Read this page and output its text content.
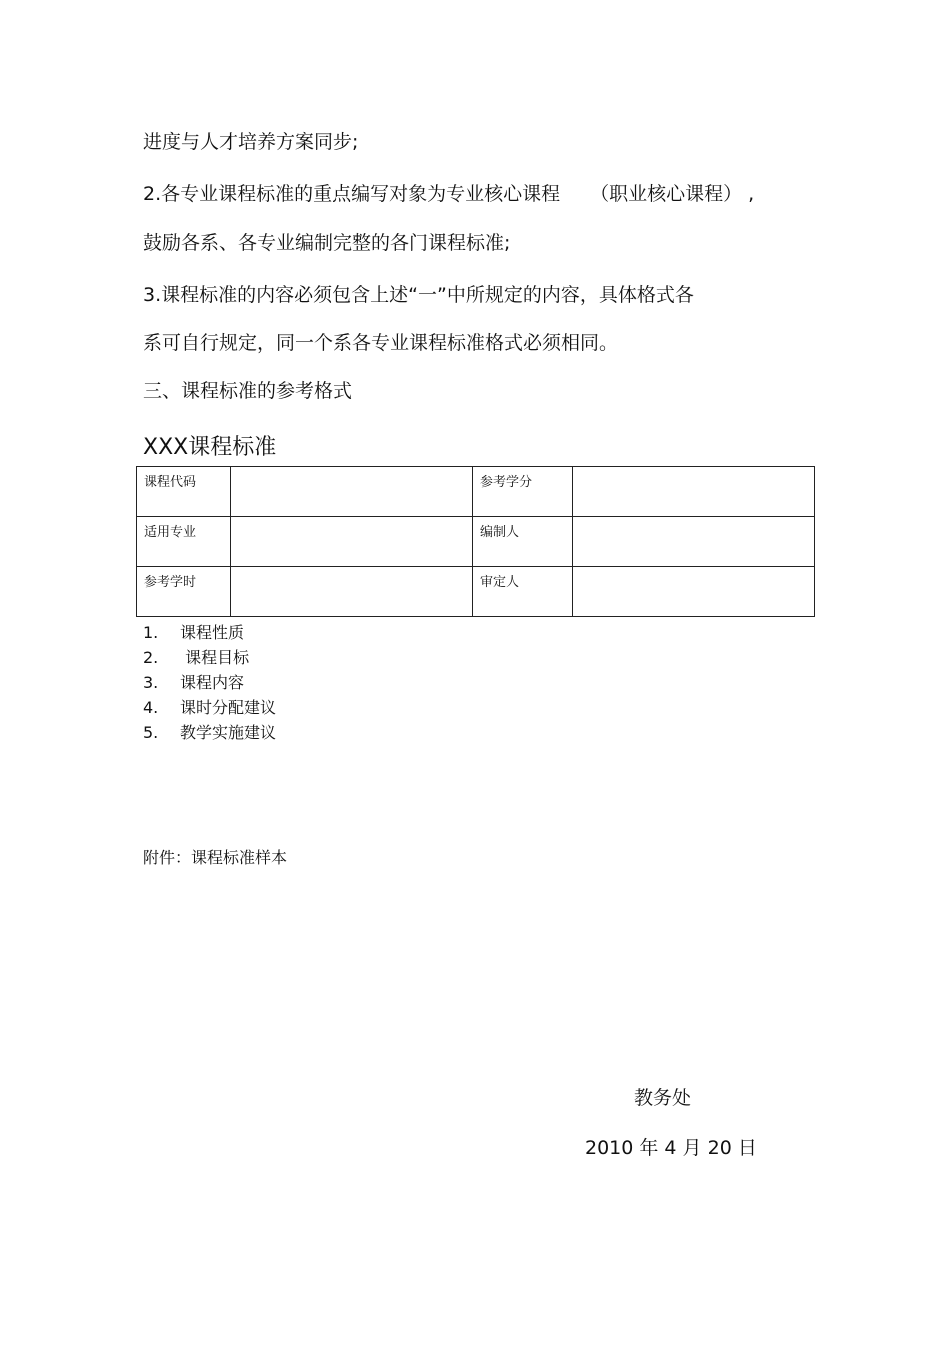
进度与人才培养方案同步;
2.各专业课程标准的重点编写对象为专业核心课程 （职业核心课程） ,
鼓励各系、各专业编制完整的各门课程标准;
3.课程标准的内容必须包含上述“一”中所规定的内容，具体格式各
系可自行规定，同一个系各专业课程标准格式必须相同。
三、课程标准的参考格式
XXX课程标准
课程代码		参考学分	
适用专业		编制人	
参考学时		审定人	
1. 课程性质
2. 课程目标
3. 课程内容
4. 课时分配建议
5. 教学实施建议
附件：课程标准样本
教务处
2010 年 4 月 20 日
